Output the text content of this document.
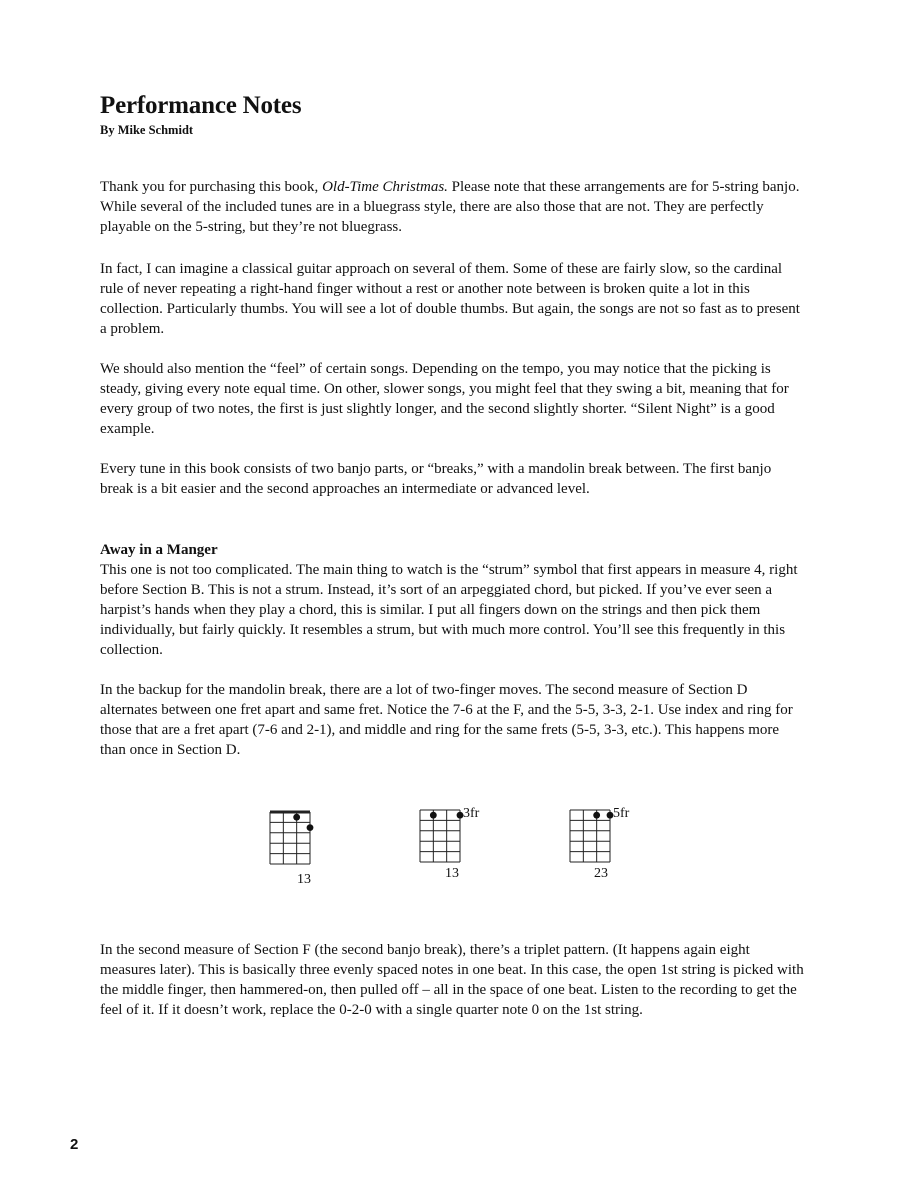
Performance Notes

By Mike Schmidt

Thank you for purchasing this book, Old-Time Christmas. Please note that these arrangements are for 5-string banjo. While several of the included tunes are in a bluegrass style, there are also those that are not. They are perfectly playable on the 5-string, but they’re not bluegrass.

In fact, I can imagine a classical guitar approach on several of them. Some of these are fairly slow, so the cardinal rule of never repeating a right-hand finger without a rest or another note between is broken quite a lot in this collection. Particularly thumbs. You will see a lot of double thumbs. But again, the songs are not so fast as to present a problem.

We should also mention the “feel” of certain songs. Depending on the tempo, you may notice that the picking is steady, giving every note equal time. On other, slower songs, you might feel that they swing a bit, meaning that for every group of two notes, the first is just slightly longer, and the second slightly shorter. “Silent Night” is a good example.

Every tune in this book consists of two banjo parts, or “breaks,” with a mandolin break between. The first banjo break is a bit easier and the second approaches an intermediate or advanced level.

Away in a Manger
This one is not too complicated. The main thing to watch is the “strum” symbol that first appears in measure 4, right before Section B. This is not a strum. Instead, it’s sort of an arpeggiated chord, but picked. If you’ve ever seen a harpist’s hands when they play a chord, this is similar. I put all fingers down on the strings and then pick them individually, but fairly quickly. It resembles a strum, but with much more control. You’ll see this frequently in this collection.

In the backup for the mandolin break, there are a lot of two-finger moves. The second measure of Section D alternates between one fret apart and same fret. Notice the 7-6 at the F, and the 5-5, 3-3, 2-1. Use index and ring for those that are a fret apart (7-6 and 2-1), and middle and ring for the same frets (5-5, 3-3, etc.). This happens more than once in Section D.

13
3fr
13
5fr
23

In the second measure of Section F (the second banjo break), there’s a triplet pattern. (It happens again eight measures later). This is basically three evenly spaced notes in one beat. In this case, the open 1st string is picked with the middle finger, then hammered-on, then pulled off – all in the space of one beat. Listen to the recording to get the feel of it. If it doesn’t work, replace the 0-2-0 with a single quarter note 0 on the 1st string.

2
